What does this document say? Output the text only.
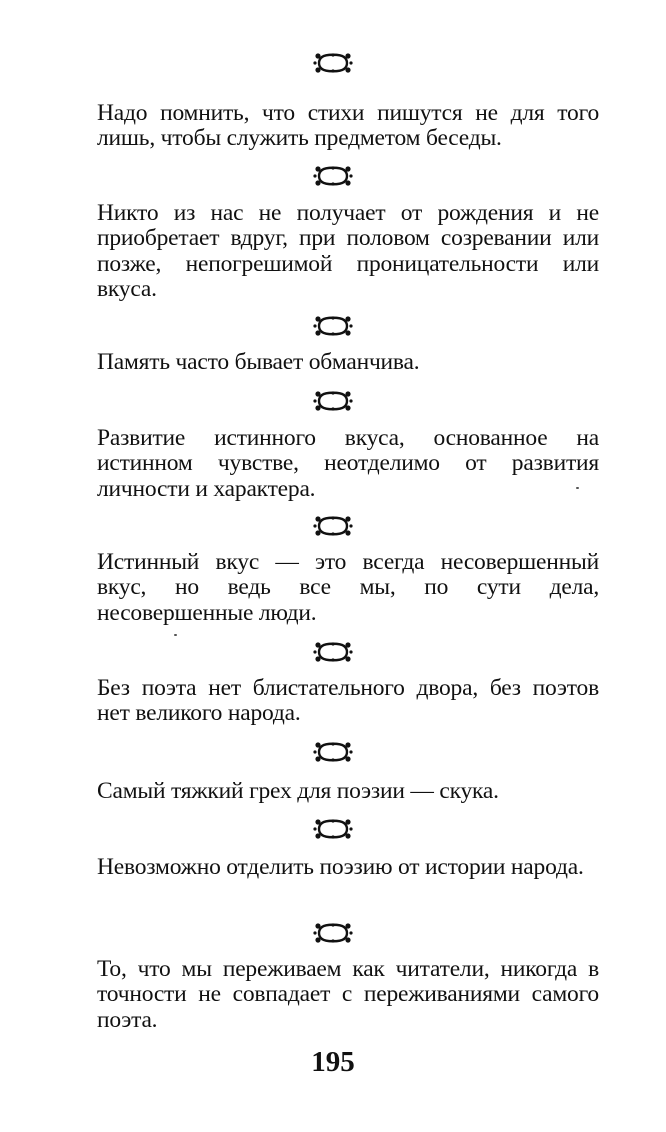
Надо помнить, что стихи пишутся не для того лишь, чтобы служить предметом беседы.
Никто из нас не получает от рождения и не приобретает вдруг, при половом созревании или позже, непогрешимой проницательности или вкуса.
Память часто бывает обманчива.
Развитие истинного вкуса, основанное на истинном чувстве, неотделимо от развития личности и характера.
Истинный вкус — это всегда несовершенный вкус, но ведь все мы, по сути дела, несовершенные люди.
Без поэта нет блистательного двора, без поэтов нет великого народа.
Самый тяжкий грех для поэзии — скука.
Невозможно отделить поэзию от истории народа.
То, что мы переживаем как читатели, никогда в точности не совпадает с переживаниями самого поэта.
195
